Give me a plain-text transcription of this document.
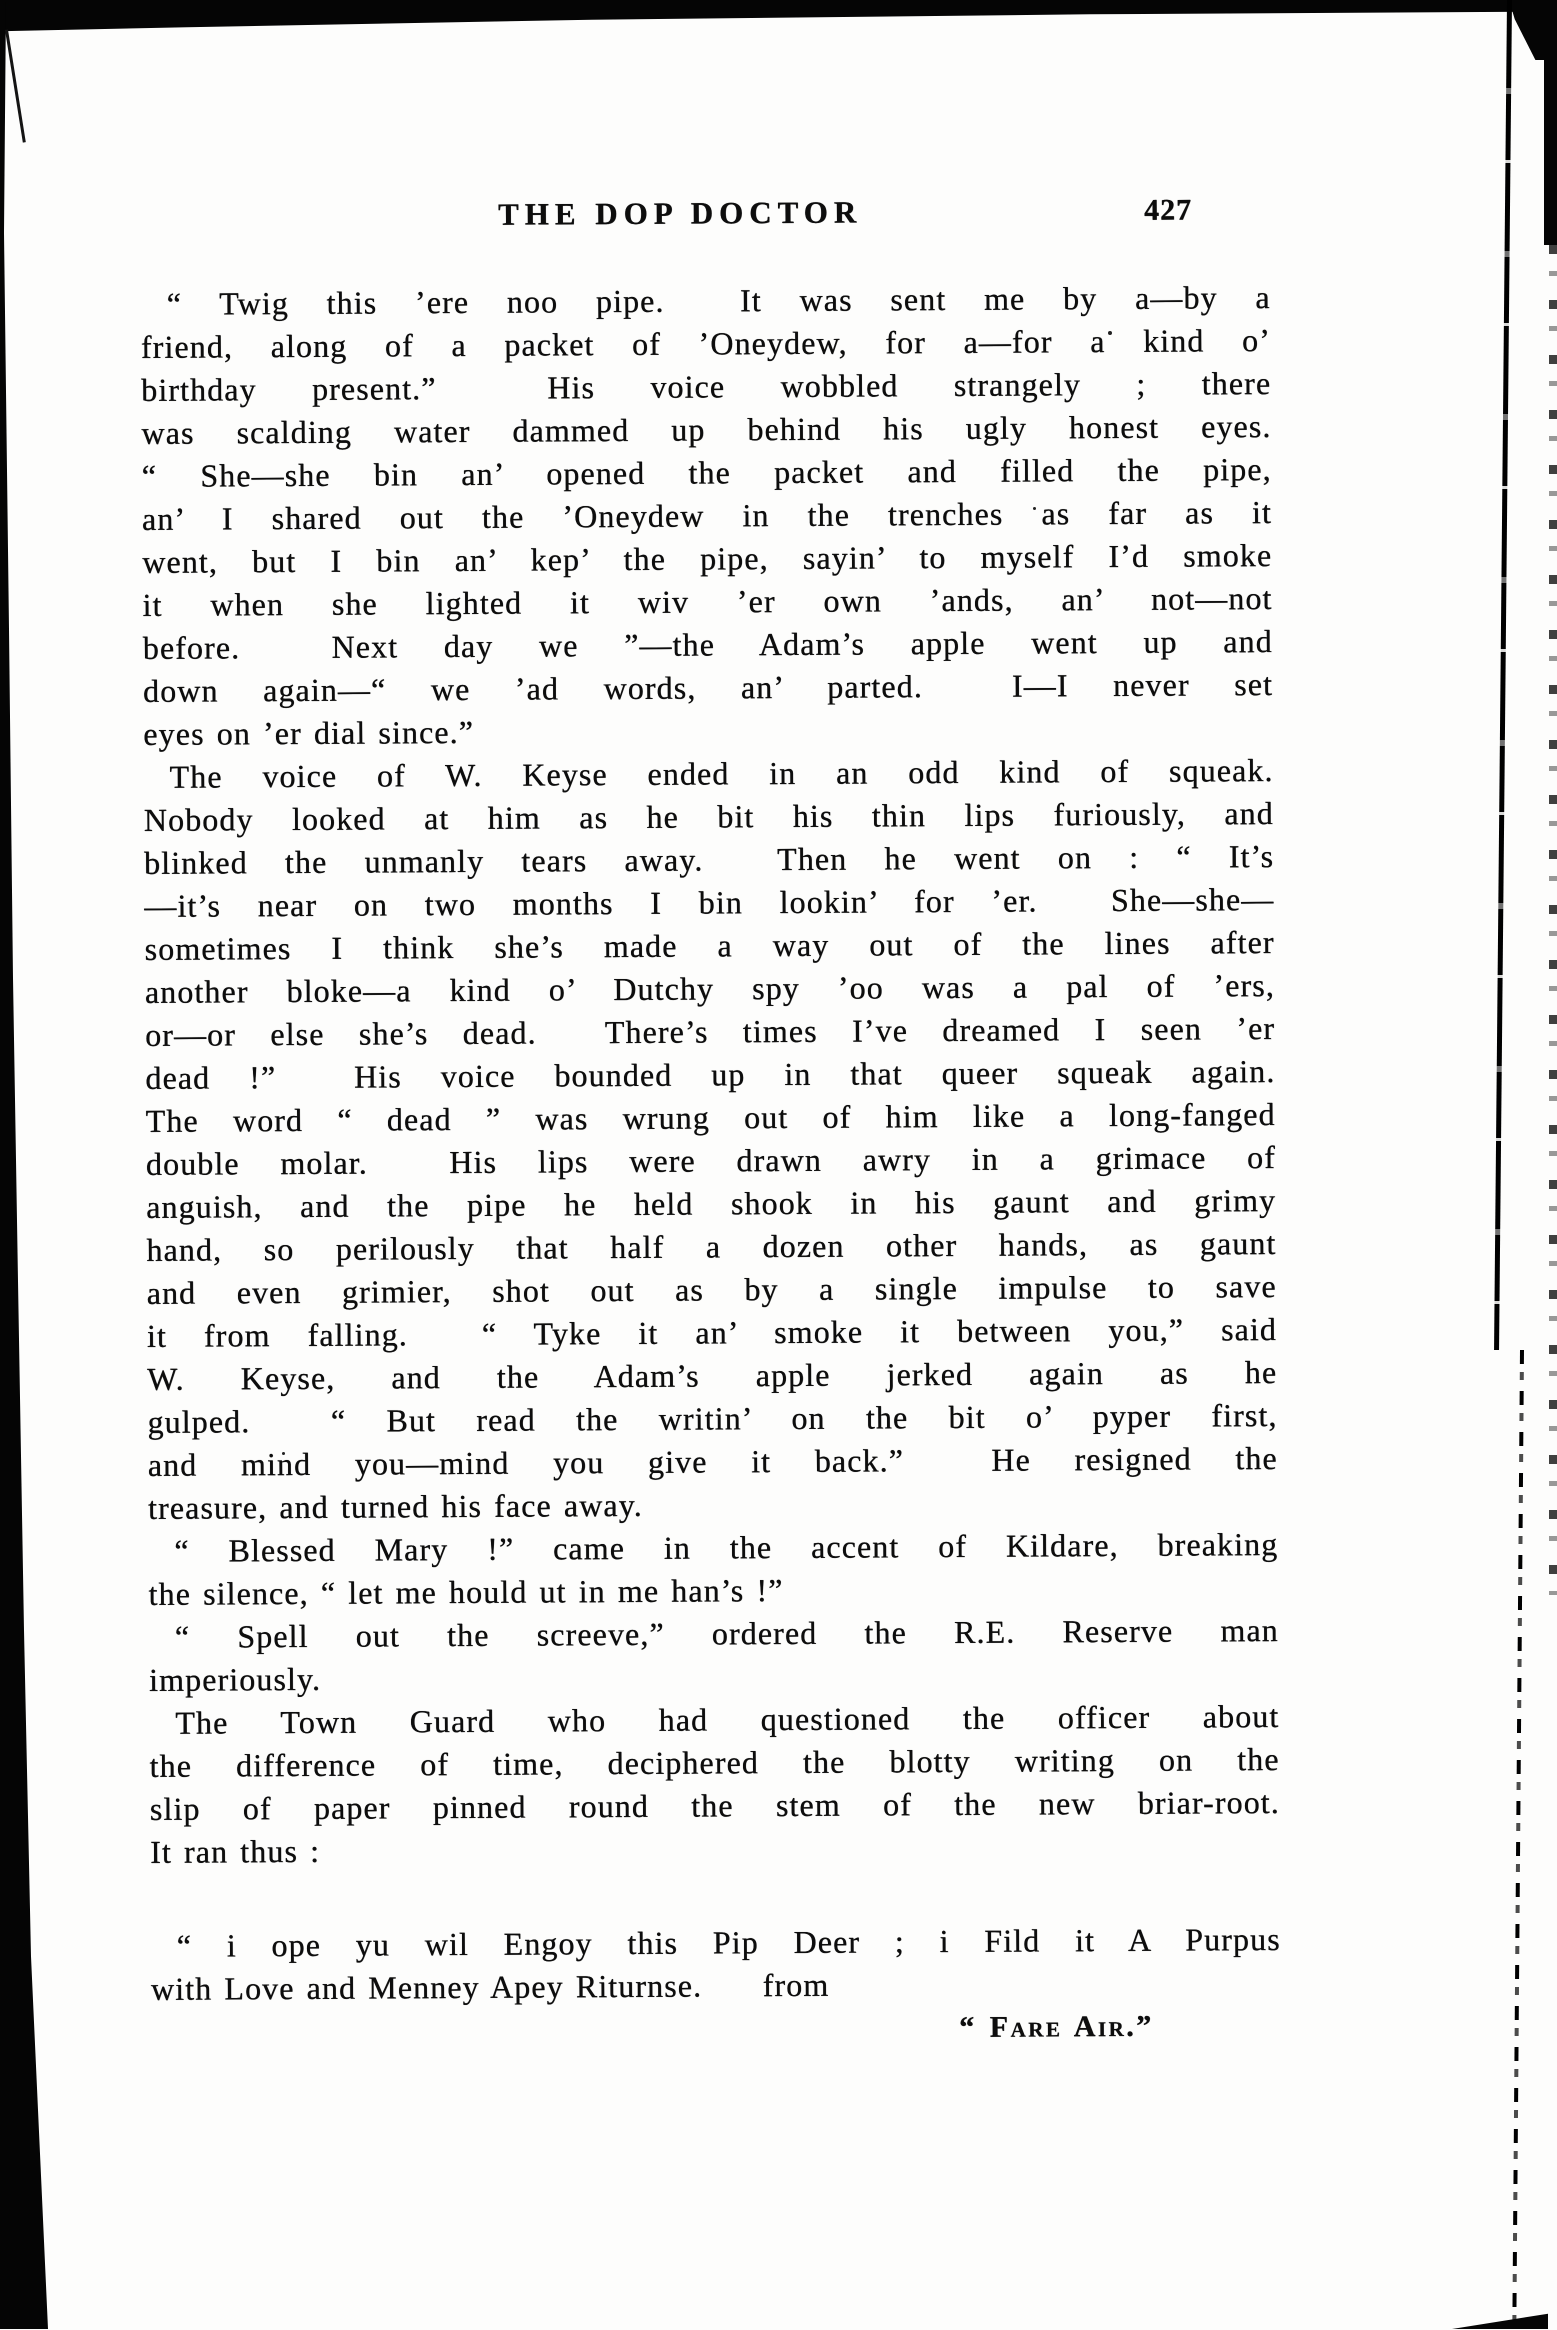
THE DOP DOCTOR	427
“ Twig this ’ere noo pipe.  It was sent me by a—by a
friend, along of a packet of ’Oneydew, for a—for a kind o’
birthday present.”  His voice wobbled strangely ; there
was scalding water dammed up behind his ugly honest eyes.
“ She—she bin an’ opened the packet and filled the pipe,
an’ I shared out the ’Oneydew in the trenches as far as it
went, but I bin an’ kep’ the pipe, sayin’ to myself I’d smoke
it when she lighted it wiv ’er own ’ands, an’ not—not
before.  Next day we ”—the Adam’s apple went up and
down again—“ we ’ad words, an’ parted.  I—I never set
eyes on ’er dial since.”
The voice of W. Keyse ended in an odd kind of squeak.
Nobody looked at him as he bit his thin lips furiously, and
blinked the unmanly tears away.  Then he went on : “ It’s
—it’s near on two months I bin lookin’ for ’er.  She—she—
sometimes I think she’s made a way out of the lines after
another bloke—a kind o’ Dutchy spy ’oo was a pal of ’ers,
or—or else she’s dead.  There’s times I’ve dreamed I seen ’er
dead !”  His voice bounded up in that queer squeak again.
The word “ dead ” was wrung out of him like a long-fanged
double molar.  His lips were drawn awry in a grimace of
anguish, and the pipe he held shook in his gaunt and grimy
hand, so perilously that half a dozen other hands, as gaunt
and even grimier, shot out as by a single impulse to save
it from falling.  “ Tyke it an’ smoke it between you,” said
W. Keyse, and the Adam’s apple jerked again as he
gulped.  “ But read the writin’ on the bit o’ pyper first,
and mind you—mind you give it back.”  He resigned the
treasure, and turned his face away.
“ Blessed Mary !” came in the accent of Kildare, breaking
the silence, “ let me hould ut in me han’s !”
“ Spell out the screeve,” ordered the R.E. Reserve man
imperiously.
The Town Guard who had questioned the officer about
the difference of time, deciphered the blotty writing on the
slip of paper pinned round the stem of the new briar-root.
It ran thus :
“ i ope yu wil Engoy this Pip Deer ; i Fild it A Purpus
with Love and Menney Apey Riturnse.     from
“ Fare Air.”
